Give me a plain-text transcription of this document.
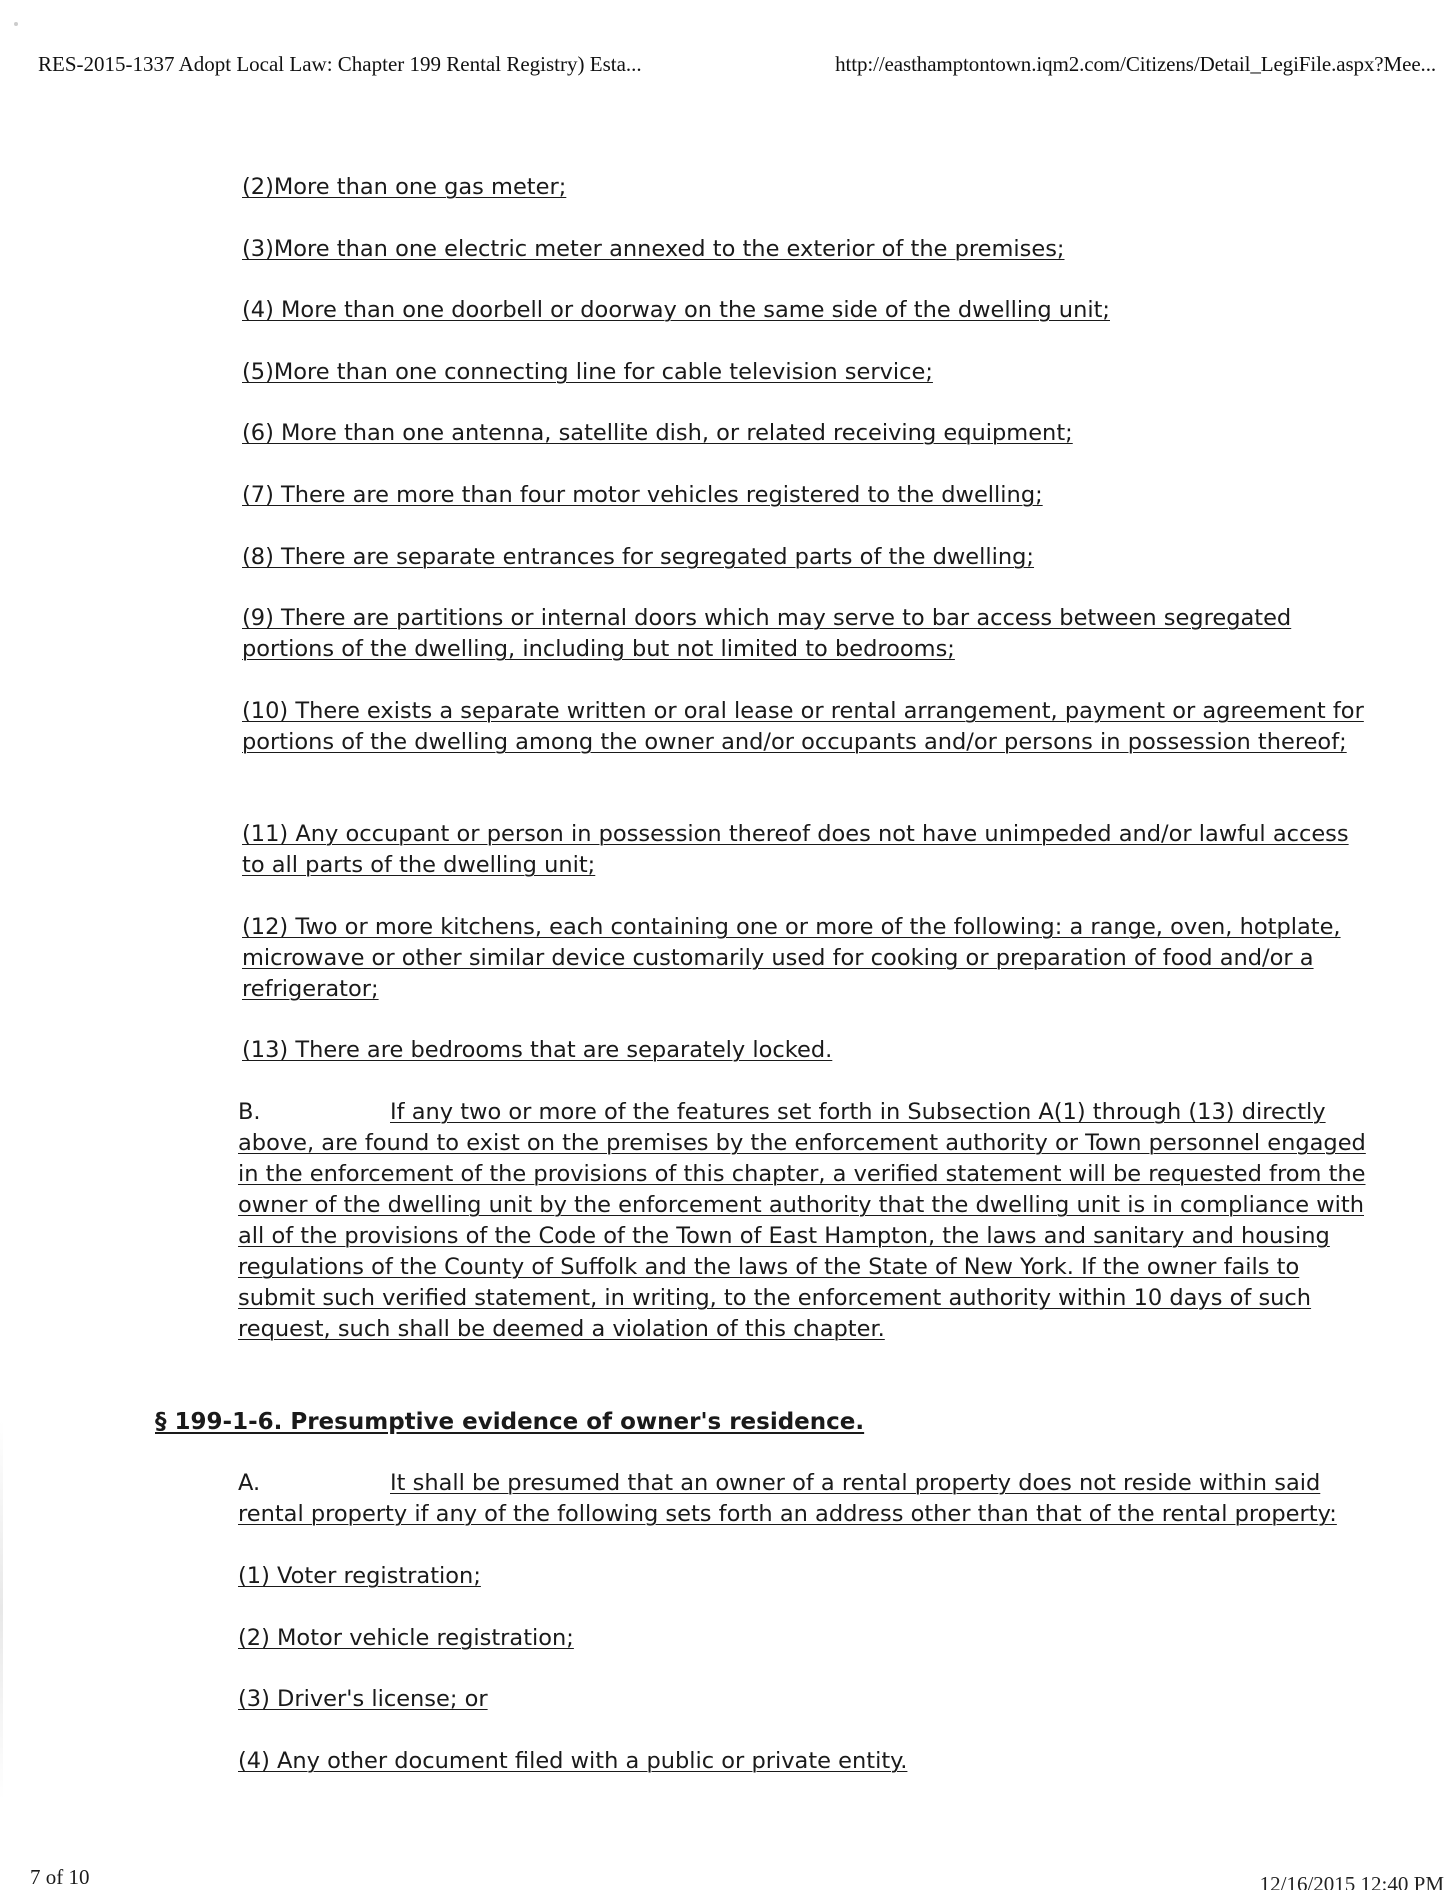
RES-2015-1337 Adopt Local Law: Chapter 199 Rental Registry) Esta...	http://easthamptontown.iqm2.com/Citizens/Detail_LegiFile.aspx?Mee...
(2)More than one gas meter;
(3)More than one electric meter annexed to the exterior of the premises;
(4) More than one doorbell or doorway on the same side of the dwelling unit;
(5)More than one connecting line for cable television service;
(6) More than one antenna, satellite dish, or related receiving equipment;
(7) There are more than four motor vehicles registered to the dwelling;
(8) There are separate entrances for segregated parts of the dwelling;
(9) There are partitions or internal doors which may serve to bar access between segregated portions of the dwelling, including but not limited to bedrooms;
(10) There exists a separate written or oral lease or rental arrangement, payment or agreement for portions of the dwelling among the owner and/or occupants and/or persons in possession thereof;
(11) Any occupant or person in possession thereof does not have unimpeded and/or lawful access to all parts of the dwelling unit;
(12) Two or more kitchens, each containing one or more of the following: a range, oven, hotplate, microwave or other similar device customarily used for cooking or preparation of food and/or a refrigerator;
(13) There are bedrooms that are separately locked.
B.	If any two or more of the features set forth in Subsection A(1) through (13) directly above, are found to exist on the premises by the enforcement authority or Town personnel engaged in the enforcement of the provisions of this chapter, a verified statement will be requested from the owner of the dwelling unit by the enforcement authority that the dwelling unit is in compliance with all of the provisions of the Code of the Town of East Hampton, the laws and sanitary and housing regulations of the County of Suffolk and the laws of the State of New York. If the owner fails to submit such verified statement, in writing, to the enforcement authority within 10 days of such request, such shall be deemed a violation of this chapter.
§ 199-1-6. Presumptive evidence of owner's residence.
A.	It shall be presumed that an owner of a rental property does not reside within said rental property if any of the following sets forth an address other than that of the rental property:
(1) Voter registration;
(2) Motor vehicle registration;
(3) Driver's license; or
(4) Any other document filed with a public or private entity.
7 of 10	12/16/2015 12:40 PM
